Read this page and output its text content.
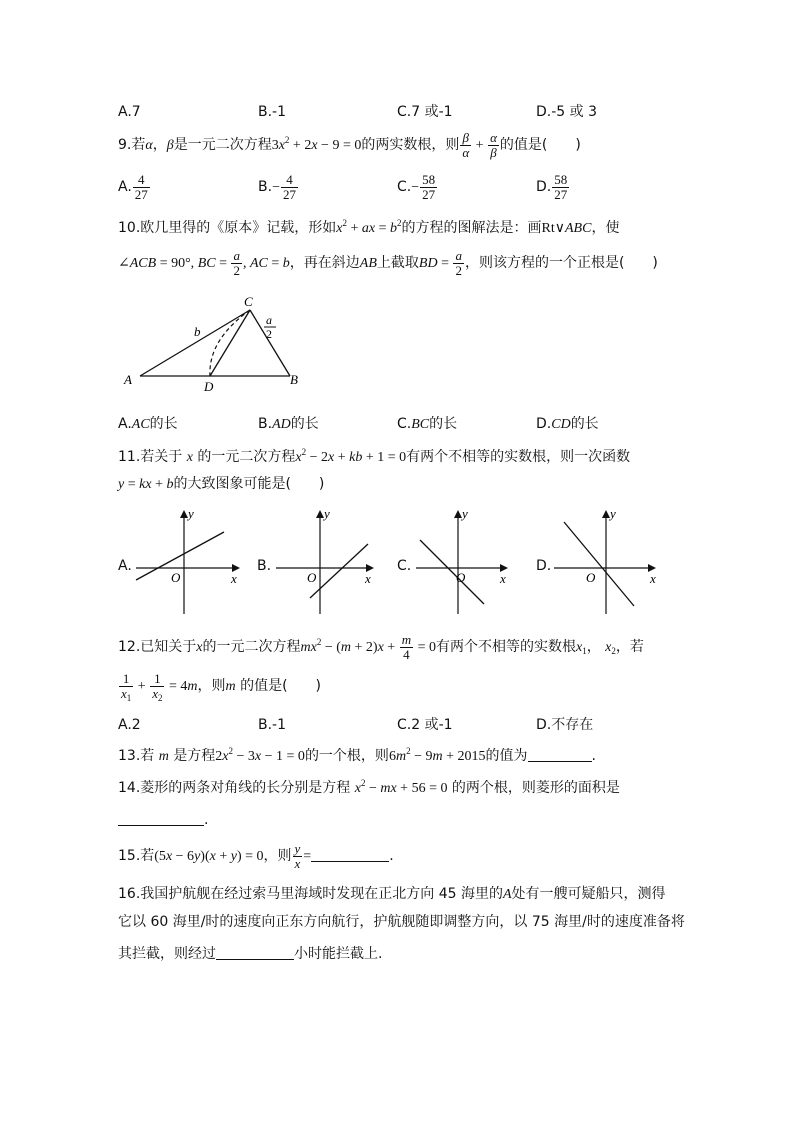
A.7	B.-1	C.7 或-1	D.-5 或 3
9.若α，β是一元二次方程$3x^2 + 2x - 9 = 0$的两实数根，则 $\frac{\beta}{\alpha} + \frac{\alpha}{\beta}$ 的值是(　　)
A. $\frac{4}{27}$	$B.- \frac{4}{27}$	$C.- \frac{58}{27}$	D. $\frac{58}{27}$
10.欧几里得的《原本》记载，形如$x^2$ + ax = $b^2$的方程的图解法是：画Rt∨ABC，使
∠ACB = 90°, BC = $\frac{a}{2}$ , AC = b，再在斜边AB上截取BD = $\frac{a}{2}$ ，则该方程的一个正根是(　　)
A	B
C
D
b
a
2
A.AC的长	B.AD的长	C.BC的长	D.CD的长
11.若关于 x 的一元二次方程$x^2 - 2x$ + kb + 1 = 0有两个不相等的实数根，则一次函数
y = kx + b的大致图象可能是(　　)
A.
O	x
y
B.
O	x
y
C.
O	x
y
D.
O	x
y
12.已知关于x的一元二次方程$mx^2 - (m + 2)x + \frac{m}{4} = 0$有两个不相等的实数根$x_1$， $x_2$，若
$\frac{1}{x_1} + \frac{1}{x_2} = 4m$，则m 的值是(　　)
A.2	B.-1	C.2 或-1	D.不存在
13.若 m 是方程$2x^2 - 3x - 1 = 0$的一个根，则$6m^2 - 9m + 2015$的值为	.
14.菱形的两条对角线的长分别是方程 $x^2$ − mx + 56 = 0 的两个根，则菱形的面积是
.
15.若(5x − 6y)(x + y) = 0，则 $\frac{y}{x}$ =	.
16.我国护航舰在经过索马里海域时发现在正北方向 45 海里的A处有一艘可疑船只，测得
它以 60 海里/时的速度向正东方向航行，护航舰随即调整方向，以 75 海里/时的速度准备将
其拦截，则经过	小时能拦截上.
